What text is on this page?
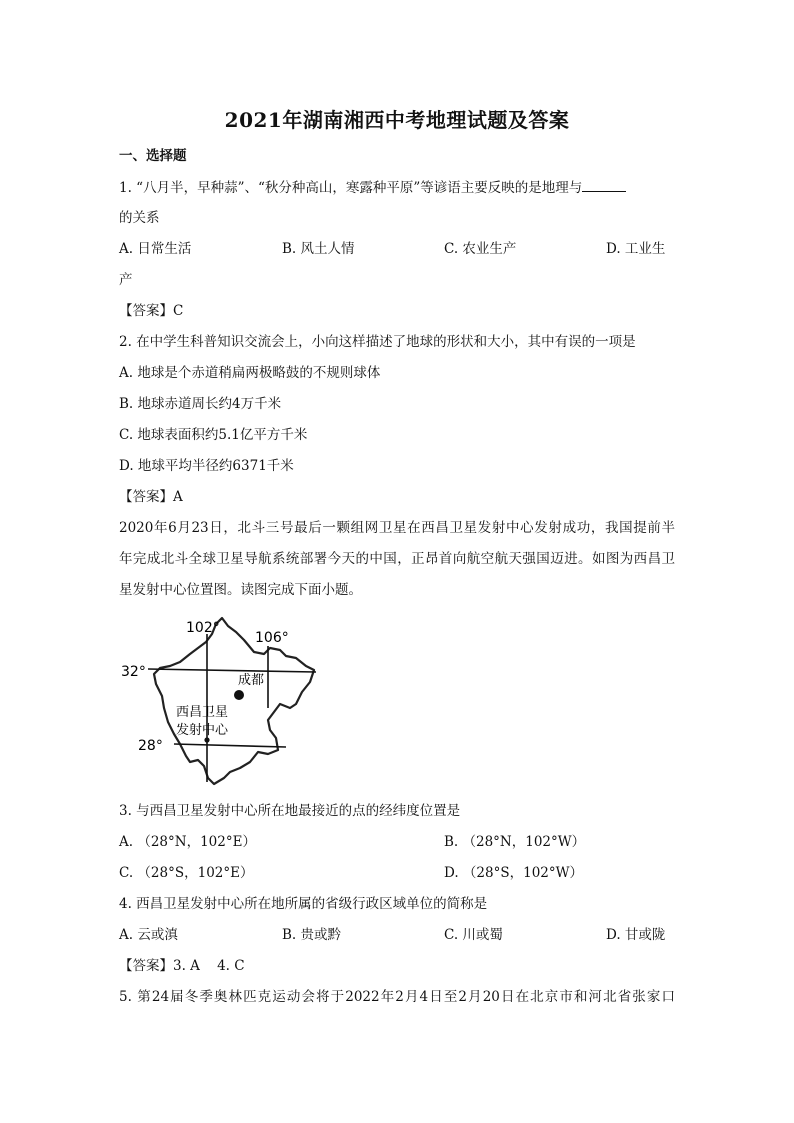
2021年湖南湘西中考地理试题及答案
一、选择题
1. “八月半，早种蒜”、“秋分种高山，寒露种平原”等谚语主要反映的是地理与
的关系
A. 日常生活	B. 风土人情	C. 农业生产	D. 工业生
产
【答案】C
2. 在中学生科普知识交流会上，小向这样描述了地球的形状和大小，其中有误的一项是
A. 地球是个赤道稍扁两极略鼓的不规则球体
B. 地球赤道周长约4万千米
C. 地球表面积约5.1亿平方千米
D. 地球平均半径约6371千米
【答案】A
2020年6月23日，北斗三号最后一颗组网卫星在西昌卫星发射中心发射成功，我国提前半
年完成北斗全球卫星导航系统部署今天的中国，正昂首向航空航天强国迈进。如图为西昌卫
星发射中心位置图。读图完成下面小题。
102°
106°
32°
28°
成都
西昌卫星
发射中心
3. 与西昌卫星发射中心所在地最接近的点的经纬度位置是
A. （28°N，102°E）	B. （28°N，102°W）
C. （28°S，102°E）	D. （28°S，102°W）
4. 西昌卫星发射中心所在地所属的省级行政区域单位的简称是
A. 云或滇	B. 贵或黔	C. 川或蜀	D. 甘或陇
【答案】3. A    4. C
5. 第24届冬季奥林匹克运动会将于2022年2月4日至2月20日在北京市和河北省张家口
